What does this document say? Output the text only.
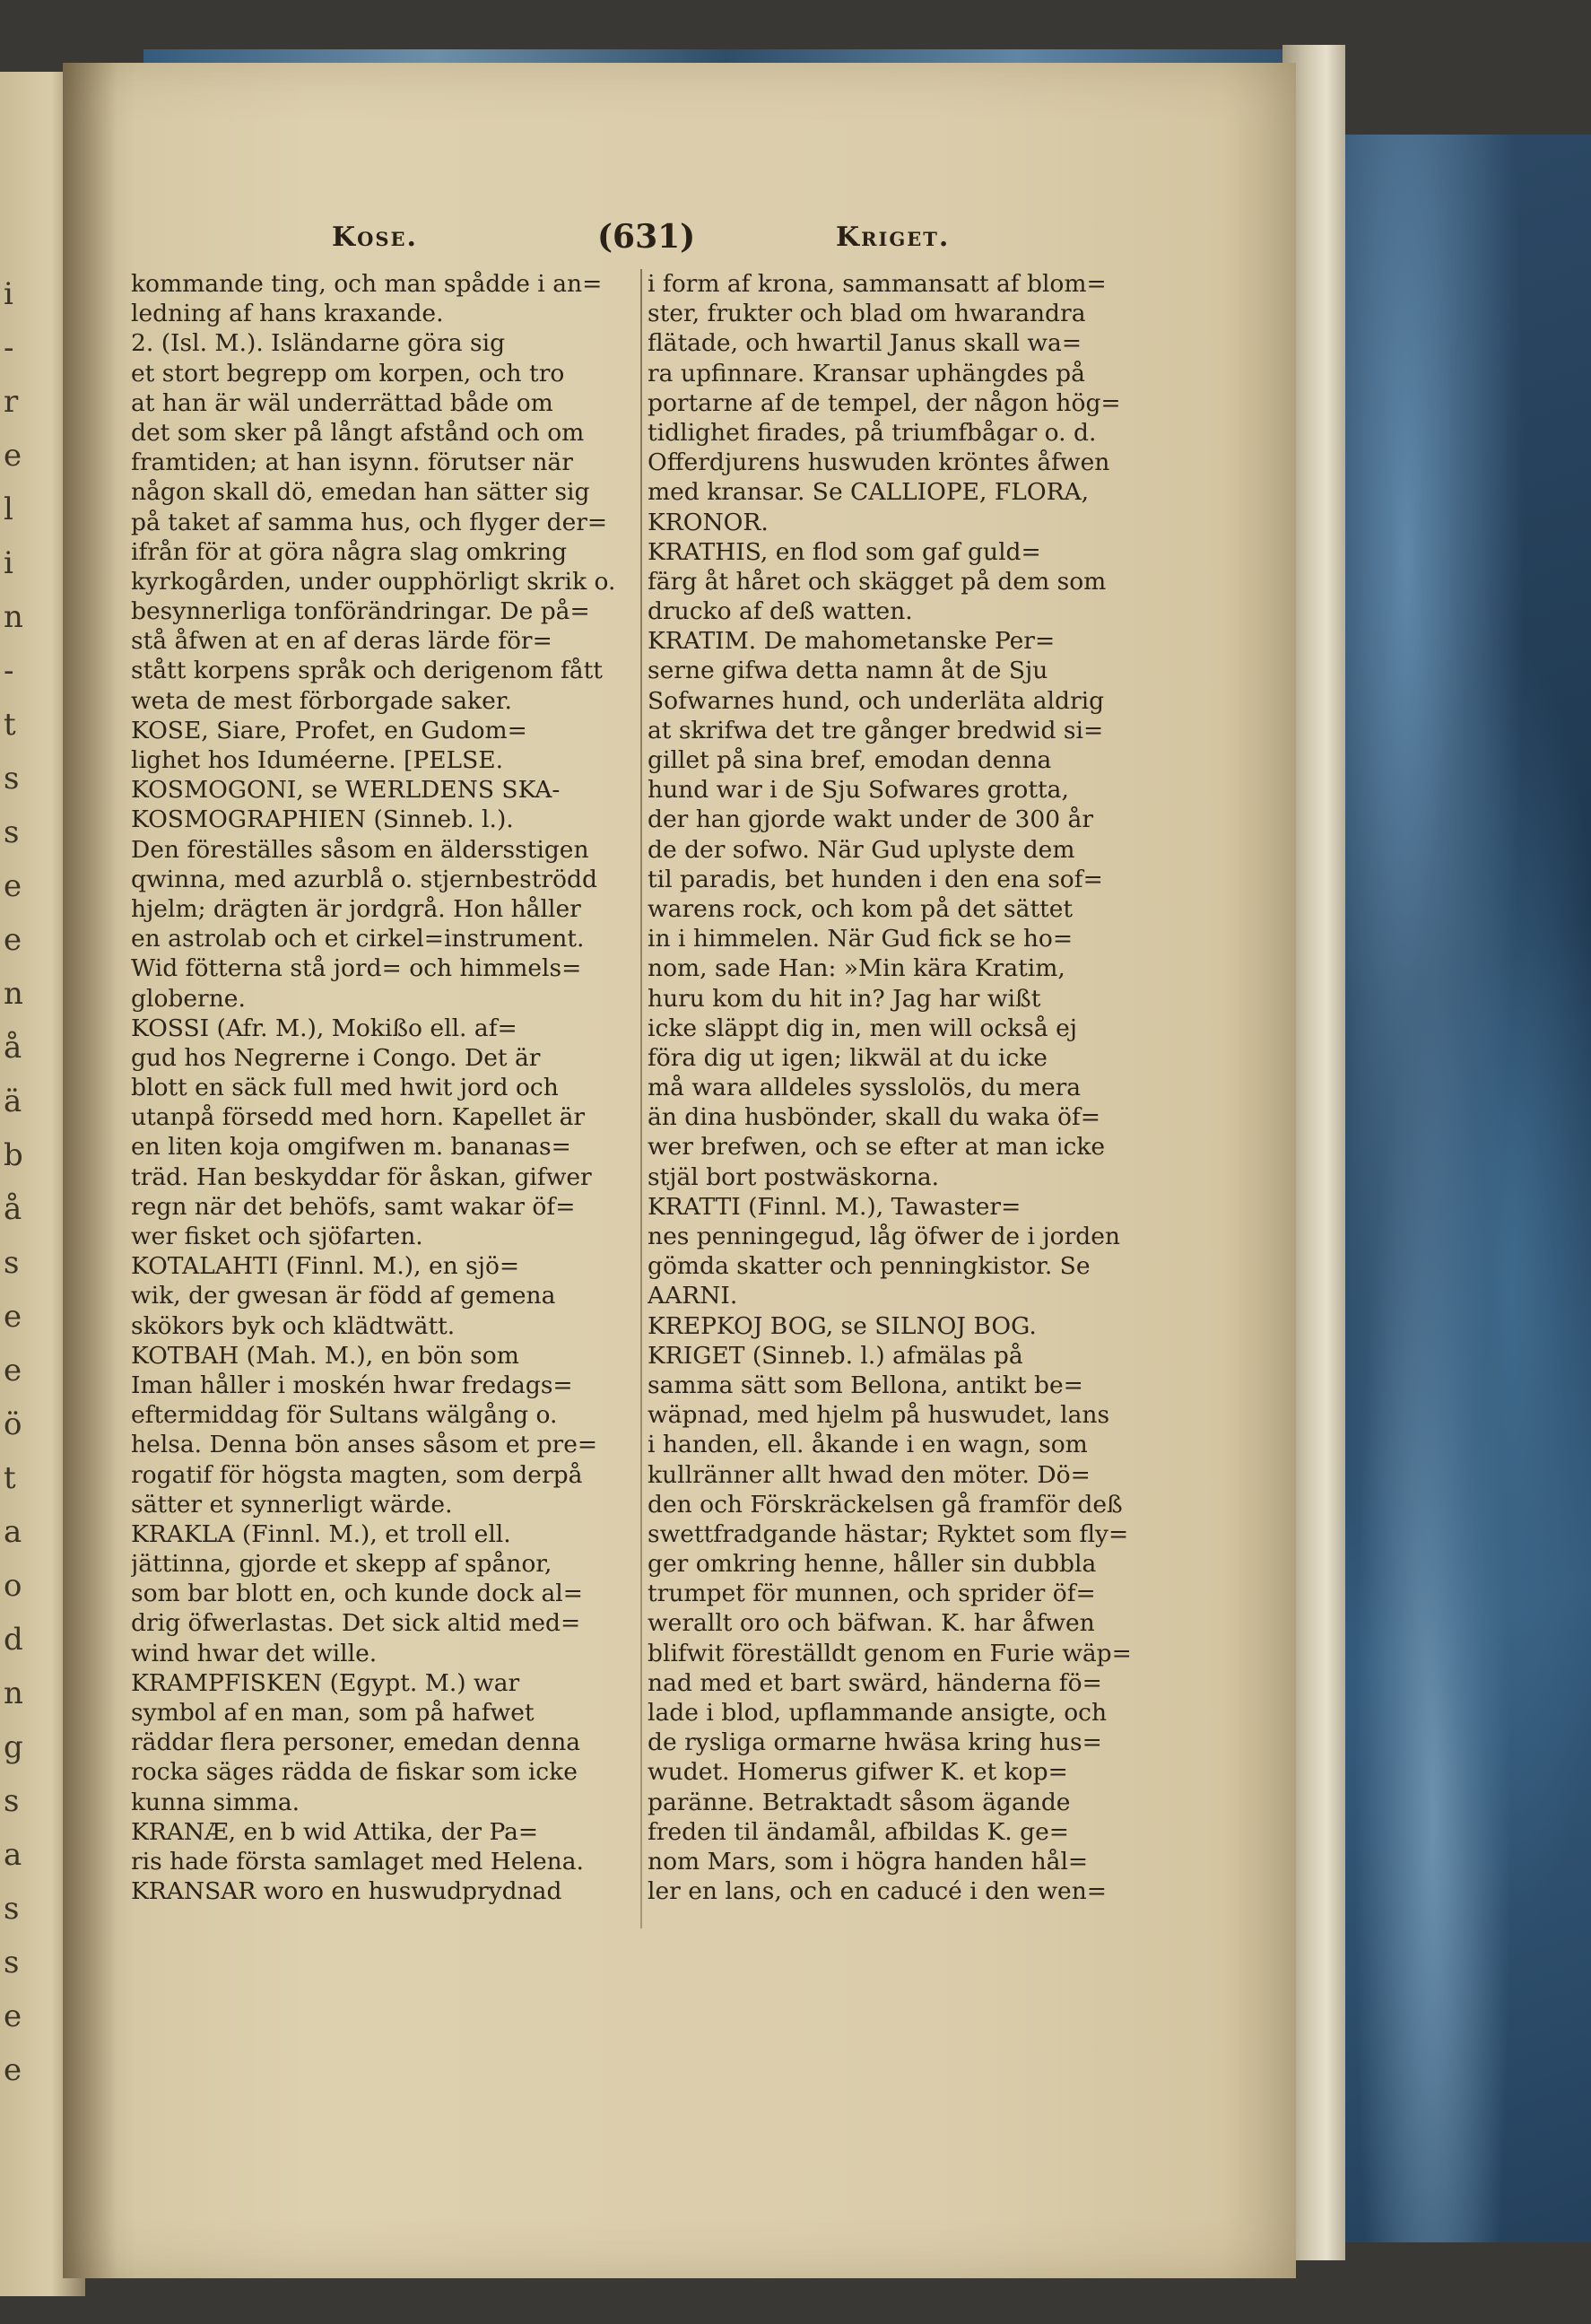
i
-
r
e
l
i
n
-
t
s
s
e
e
n
å
ä
b
å
s
e
e
ö
t
a
o
d
n
g
s
a
s
s
e
e
Kose.	(631)	Kriget.
kommande ting, och man spådde i an=
ledning af hans kraxande.
2. (Isl. M.). Isländarne göra sig
et stort begrepp om korpen, och tro
at han är wäl underrättad både om
det som sker på långt afstånd och om
framtiden; at han isynn. förutser när
någon skall dö, emedan han sätter sig
på taket af samma hus, och flyger der=
ifrån för at göra några slag omkring
kyrkogården, under oupphörligt skrik o.
besynnerliga tonförändringar. De på=
stå åfwen at en af deras lärde för=
stått korpens språk och derigenom fått
weta de mest förborgade saker.
KOSE, Siare, Profet, en Gudom=
lighet hos Iduméerne. [PELSE.
KOSMOGONI, se WERLDENS SKA-
KOSMOGRAPHIEN (Sinneb. l.).
Den föreställes såsom en äldersstigen
qwinna, med azurblå o. stjernbeströdd
hjelm; drägten är jordgrå. Hon håller
en astrolab och et cirkel=instrument.
Wid fötterna stå jord= och himmels=
globerne.
KOSSI (Afr. M.), Mokißo ell. af=
gud hos Negrerne i Congo. Det är
blott en säck full med hwit jord och
utanpå försedd med horn. Kapellet är
en liten koja omgifwen m. bananas=
träd. Han beskyddar för åskan, gifwer
regn när det behöfs, samt wakar öf=
wer fisket och sjöfarten.
KOTALAHTI (Finnl. M.), en sjö=
wik, der gwesan är född af gemena
skökors byk och klädtwätt.
KOTBAH (Mah. M.), en bön som
Iman håller i moskén hwar fredags=
eftermiddag för Sultans wälgång o.
helsa. Denna bön anses såsom et pre=
rogatif för högsta magten, som derpå
sätter et synnerligt wärde.
KRAKLA (Finnl. M.), et troll ell.
jättinna, gjorde et skepp af spånor,
som bar blott en, och kunde dock al=
drig öfwerlastas. Det sick altid med=
wind hwar det wille.
KRAMPFISKEN (Egypt. M.) war
symbol af en man, som på hafwet
räddar flera personer, emedan denna
rocka säges rädda de fiskar som icke
kunna simma.
KRANÆ, en b wid Attika, der Pa=
ris hade första samlaget med Helena.
KRANSAR woro en huswudprydnad
i form af krona, sammansatt af blom=
ster, frukter och blad om hwarandra
flätade, och hwartil Janus skall wa=
ra upfinnare. Kransar uphängdes på
portarne af de tempel, der någon hög=
tidlighet firades, på triumfbågar o. d.
Offerdjurens huswuden kröntes åfwen
med kransar. Se CALLIOPE, FLORA,
KRONOR.
KRATHIS, en flod som gaf guld=
färg åt håret och skägget på dem som
drucko af deß watten.
KRATIM. De mahometanske Per=
serne gifwa detta namn åt de Sju
Sofwarnes hund, och underläta aldrig
at skrifwa det tre gånger bredwid si=
gillet på sina bref, emodan denna
hund war i de Sju Sofwares grotta,
der han gjorde wakt under de 300 år
de der sofwo. När Gud uplyste dem
til paradis, bet hunden i den ena sof=
warens rock, och kom på det sättet
in i himmelen. När Gud fick se ho=
nom, sade Han: »Min kära Kratim,
huru kom du hit in? Jag har wißt
icke släppt dig in, men will också ej
föra dig ut igen; likwäl at du icke
må wara alldeles sysslolös, du mera
än dina husbönder, skall du waka öf=
wer brefwen, och se efter at man icke
stjäl bort postwäskorna.
KRATTI (Finnl. M.), Tawaster=
nes penningegud, låg öfwer de i jorden
gömda skatter och penningkistor. Se
AARNI.
KREPKOJ BOG, se SILNOJ BOG.
KRIGET (Sinneb. l.) afmälas på
samma sätt som Bellona, antikt be=
wäpnad, med hjelm på huswudet, lans
i handen, ell. åkande i en wagn, som
kullränner allt hwad den möter. Dö=
den och Förskräckelsen gå framför deß
swettfradgande hästar; Ryktet som fly=
ger omkring henne, håller sin dubbla
trumpet för munnen, och sprider öf=
werallt oro och bäfwan. K. har åfwen
blifwit föreställdt genom en Furie wäp=
nad med et bart swärd, händerna fö=
lade i blod, upflammande ansigte, och
de rysliga ormarne hwäsa kring hus=
wudet. Homerus gifwer K. et kop=
paränne. Betraktadt såsom ägande
freden til ändamål, afbildas K. ge=
nom Mars, som i högra handen hål=
ler en lans, och en caducé i den wen=
